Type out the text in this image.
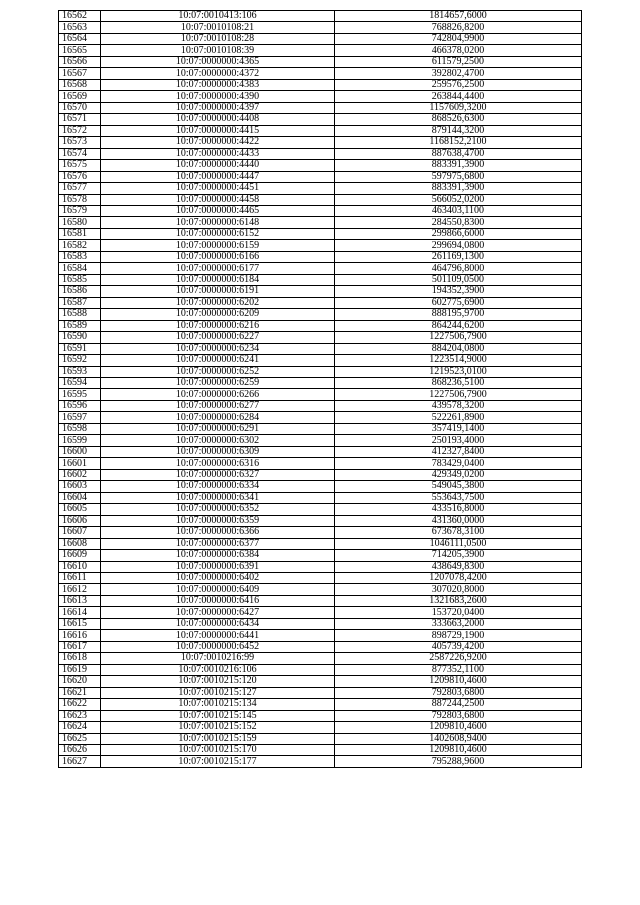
16562	10:07:0010413:106	1814657,6000
16563	10:07:0010108:21	768826,8200
16564	10:07:0010108:28	742804,9900
16565	10:07:0010108:39	466378,0200
16566	10:07:0000000:4365	611579,2500
16567	10:07:0000000:4372	392802,4700
16568	10:07:0000000:4383	259576,2500
16569	10:07:0000000:4390	263844,4400
16570	10:07:0000000:4397	1157609,3200
16571	10:07:0000000:4408	868526,6300
16572	10:07:0000000:4415	879144,3200
16573	10:07:0000000:4422	1168152,2100
16574	10:07:0000000:4433	887638,4700
16575	10:07:0000000:4440	883391,3900
16576	10:07:0000000:4447	597975,6800
16577	10:07:0000000:4451	883391,3900
16578	10:07:0000000:4458	566052,0200
16579	10:07:0000000:4465	463403,1100
16580	10:07:0000000:6148	284550,8300
16581	10:07:0000000:6152	299866,6000
16582	10:07:0000000:6159	299694,0800
16583	10:07:0000000:6166	261169,1300
16584	10:07:0000000:6177	464796,8000
16585	10:07:0000000:6184	501109,0500
16586	10:07:0000000:6191	194352,3900
16587	10:07:0000000:6202	602775,6900
16588	10:07:0000000:6209	888195,9700
16589	10:07:0000000:6216	864244,6200
16590	10:07:0000000:6227	1227506,7900
16591	10:07:0000000:6234	884204,0800
16592	10:07:0000000:6241	1223514,9000
16593	10:07:0000000:6252	1219523,0100
16594	10:07:0000000:6259	868236,5100
16595	10:07:0000000:6266	1227506,7900
16596	10:07:0000000:6277	439578,3200
16597	10:07:0000000:6284	522261,8900
16598	10:07:0000000:6291	357419,1400
16599	10:07:0000000:6302	250193,4000
16600	10:07:0000000:6309	412327,8400
16601	10:07:0000000:6316	783429,0400
16602	10:07:0000000:6327	429349,0200
16603	10:07:0000000:6334	549045,3800
16604	10:07:0000000:6341	553643,7500
16605	10:07:0000000:6352	433516,8000
16606	10:07:0000000:6359	431360,0000
16607	10:07:0000000:6366	673678,3100
16608	10:07:0000000:6377	1046111,0500
16609	10:07:0000000:6384	714205,3900
16610	10:07:0000000:6391	438649,8300
16611	10:07:0000000:6402	1207078,4200
16612	10:07:0000000:6409	307020,8000
16613	10:07:0000000:6416	1321683,2600
16614	10:07:0000000:6427	153720,0400
16615	10:07:0000000:6434	333663,2000
16616	10:07:0000000:6441	898729,1900
16617	10:07:0000000:6452	405739,4200
16618	10:07:0010216:99	2587226,9200
16619	10:07:0010216:106	877352,1100
16620	10:07:0010215:120	1209810,4600
16621	10:07:0010215:127	792803,6800
16622	10:07:0010215:134	887244,2500
16623	10:07:0010215:145	792803,6800
16624	10:07:0010215:152	1209810,4600
16625	10:07:0010215:159	1402608,9400
16626	10:07:0010215:170	1209810,4600
16627	10:07:0010215:177	795288,9600
